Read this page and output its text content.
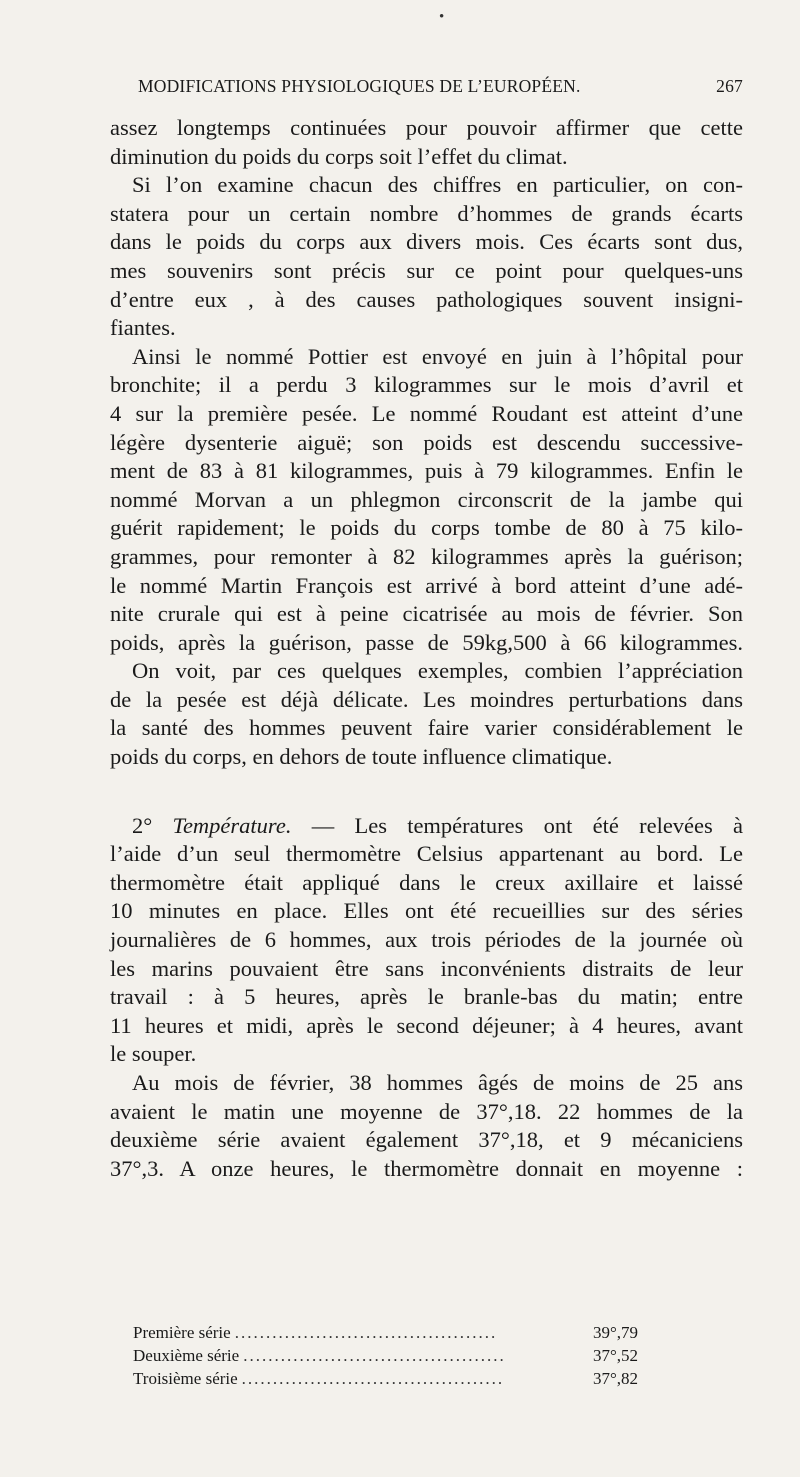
•
MODIFICATIONS PHYSIOLOGIQUES DE L’EUROPÉEN.	267
assez longtemps continuées pour pouvoir affirmer que cette
diminution du poids du corps soit l’effet du climat.
Si l’on examine chacun des chiffres en particulier, on con-
statera pour un certain nombre d’hommes de grands écarts
dans le poids du corps aux divers mois. Ces écarts sont dus,
mes souvenirs sont précis sur ce point pour quelques-uns
d’entre eux , à des causes pathologiques souvent insigni-
fiantes.
Ainsi le nommé Pottier est envoyé en juin à l’hôpital pour
bronchite; il a perdu 3 kilogrammes sur le mois d’avril et
4 sur la première pesée. Le nommé Roudant est atteint d’une
légère dysenterie aiguë; son poids est descendu successive-
ment de 83 à 81 kilogrammes, puis à 79 kilogrammes. Enfin le
nommé Morvan a un phlegmon circonscrit de la jambe qui
guérit rapidement; le poids du corps tombe de 80 à 75 kilo-
grammes, pour remonter à 82 kilogrammes après la guérison;
le nommé Martin François est arrivé à bord atteint d’une adé-
nite crurale qui est à peine cicatrisée au mois de février. Son
poids, après la guérison, passe de 59kg,500 à 66 kilogrammes.
On voit, par ces quelques exemples, combien l’appréciation
de la pesée est déjà délicate. Les moindres perturbations dans
la santé des hommes peuvent faire varier considérablement le
poids du corps, en dehors de toute influence climatique.
2° Température. — Les températures ont été relevées à
l’aide d’un seul thermomètre Celsius appartenant au bord. Le
thermomètre était appliqué dans le creux axillaire et laissé
10 minutes en place. Elles ont été recueillies sur des séries
journalières de 6 hommes, aux trois périodes de la journée où
les marins pouvaient être sans inconvénients distraits de leur
travail : à 5 heures, après le branle-bas du matin; entre
11 heures et midi, après le second déjeuner; à 4 heures, avant
le souper.
Au mois de février, 38 hommes âgés de moins de 25 ans
avaient le matin une moyenne de 37°,18. 22 hommes de la
deuxième série avaient également 37°,18, et 9 mécaniciens
37°,3. A onze heures, le thermomètre donnait en moyenne :
Première série ..........................................	39°,79
Deuxième série ..........................................	37°,52
Troisième série ..........................................	37°,82
